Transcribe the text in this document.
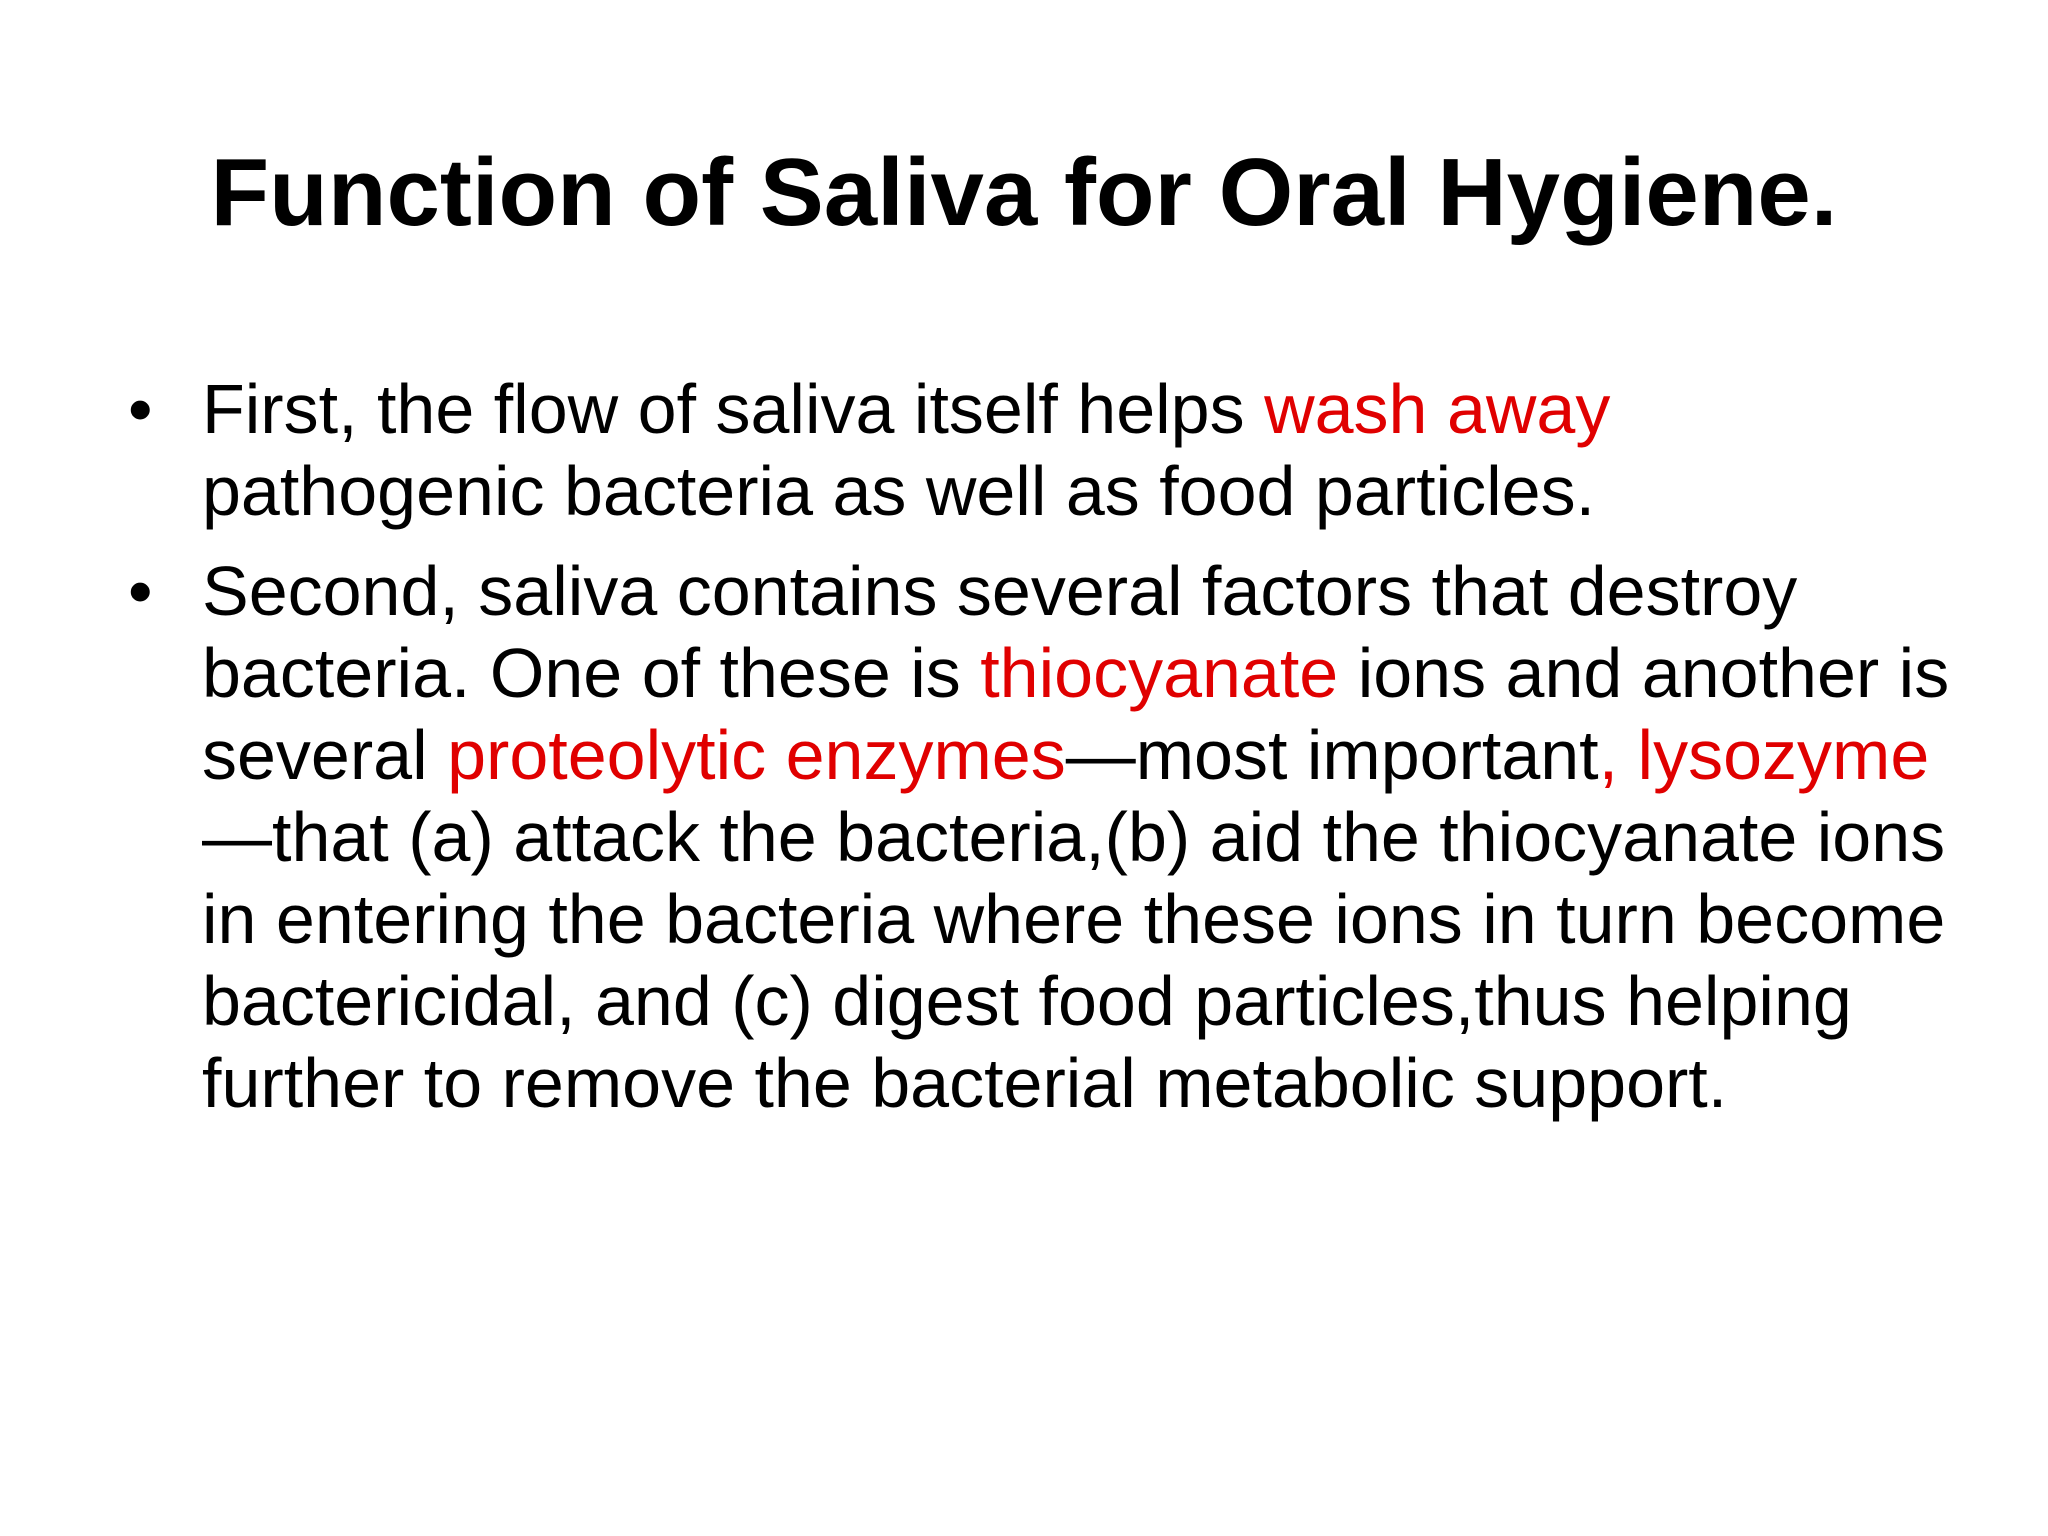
Function of Saliva for Oral Hygiene.
• First, the flow of saliva itself helps wash away pathogenic bacteria as well as food particles.
• Second, saliva contains several factors that destroy bacteria. One of these is thiocyanate ions and another is several proteolytic enzymes—most important, lysozyme—that (a) attack the bacteria,(b) aid the thiocyanate ions in entering the bacteria where these ions in turn become bactericidal, and (c) digest food particles,thus helping further to remove the bacterial metabolic support.
